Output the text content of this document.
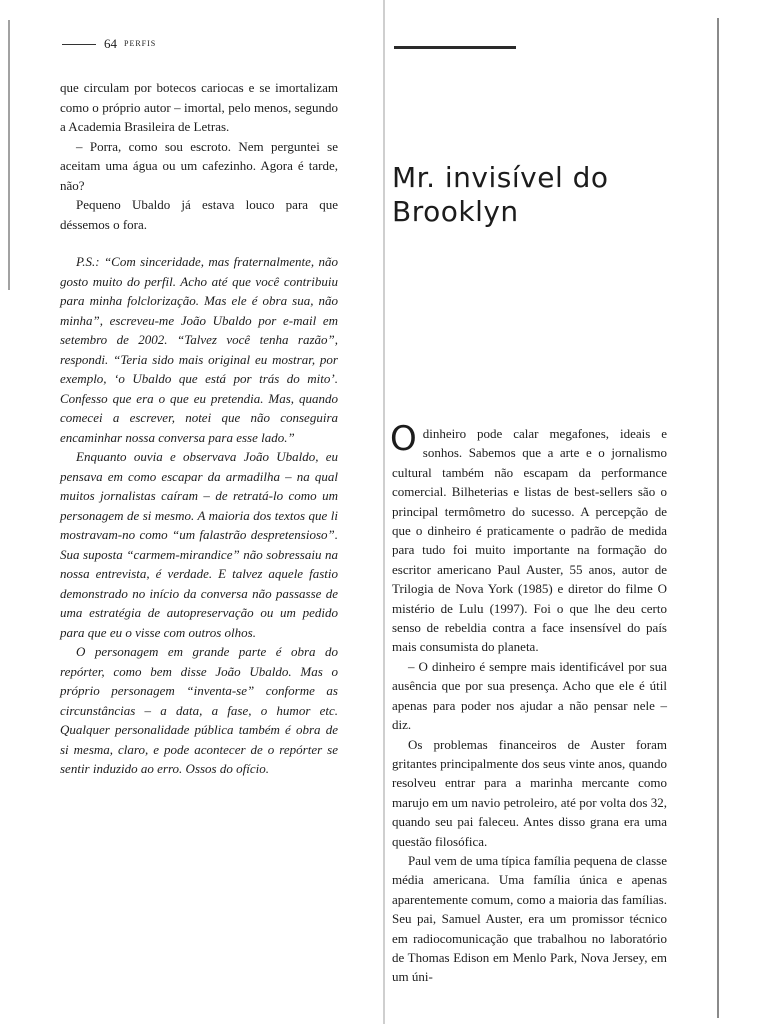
64 PERFIS

que circulam por botecos cariocas e se imortalizam como o próprio autor – imortal, pelo menos, segundo a Academia Brasileira de Letras.

– Porra, como sou escroto. Nem perguntei se aceitam uma água ou um cafezinho. Agora é tarde, não?

Pequeno Ubaldo já estava louco para que déssemos o fora.

P.S.: “Com sinceridade, mas fraternalmente, não gosto muito do perfil. Acho até que você contribuiu para minha folclorização. Mas ele é obra sua, não minha”, escreveu-me João Ubaldo por e-mail em setembro de 2002. “Talvez você tenha razão”, respondi. “Teria sido mais original eu mostrar, por exemplo, ‘o Ubaldo que está por trás do mito’. Confesso que era o que eu pretendia. Mas, quando comecei a escrever, notei que não conseguira encaminhar nossa conversa para esse lado.”

Enquanto ouvia e observava João Ubaldo, eu pensava em como escapar da armadilha – na qual muitos jornalistas caíram – de retratá-lo como um personagem de si mesmo. A maioria dos textos que li mostravam-no como “um falastrão despretensioso”. Sua suposta “carmem-mirandice” não sobressaiu na nossa entrevista, é verdade. E talvez aquele fastio demonstrado no início da conversa não passasse de uma estratégia de autopreservação ou um pedido para que eu o visse com outros olhos.

O personagem em grande parte é obra do repórter, como bem disse João Ubaldo. Mas o próprio personagem “inventa-se” conforme as circunstâncias – a data, a fase, o humor etc. Qualquer personalidade pública também é obra de si mesma, claro, e pode acontecer de o repórter se sentir induzido ao erro. Ossos do ofício.

Mr. invisível do Brooklyn

Odinheiro pode calar megafones, ideais e sonhos. Sabemos que a arte e o jornalismo cultural também não escapam da performance comercial. Bilheterias e listas de best-sellers são o principal termômetro do sucesso. A percepção de que o dinheiro é praticamente o padrão de medida para tudo foi muito importante na formação do escritor americano Paul Auster, 55 anos, autor de Trilogia de Nova York (1985) e diretor do filme O mistério de Lulu (1997). Foi o que lhe deu certo senso de rebeldia contra a face insensível do país mais consumista do planeta.

– O dinheiro é sempre mais identificável por sua ausência que por sua presença. Acho que ele é útil apenas para poder nos ajudar a não pensar nele – diz.

Os problemas financeiros de Auster foram gritantes principalmente dos seus vinte anos, quando resolveu entrar para a marinha mercante como marujo em um navio petroleiro, até por volta dos 32, quando seu pai faleceu. Antes disso grana era uma questão filosófica.

Paul vem de uma típica família pequena de classe média americana. Uma família única e apenas aparentemente comum, como a maioria das famílias. Seu pai, Samuel Auster, era um promissor técnico em radiocomunicação que trabalhou no laboratório de Thomas Edison em Menlo Park, Nova Jersey, em um úni-
